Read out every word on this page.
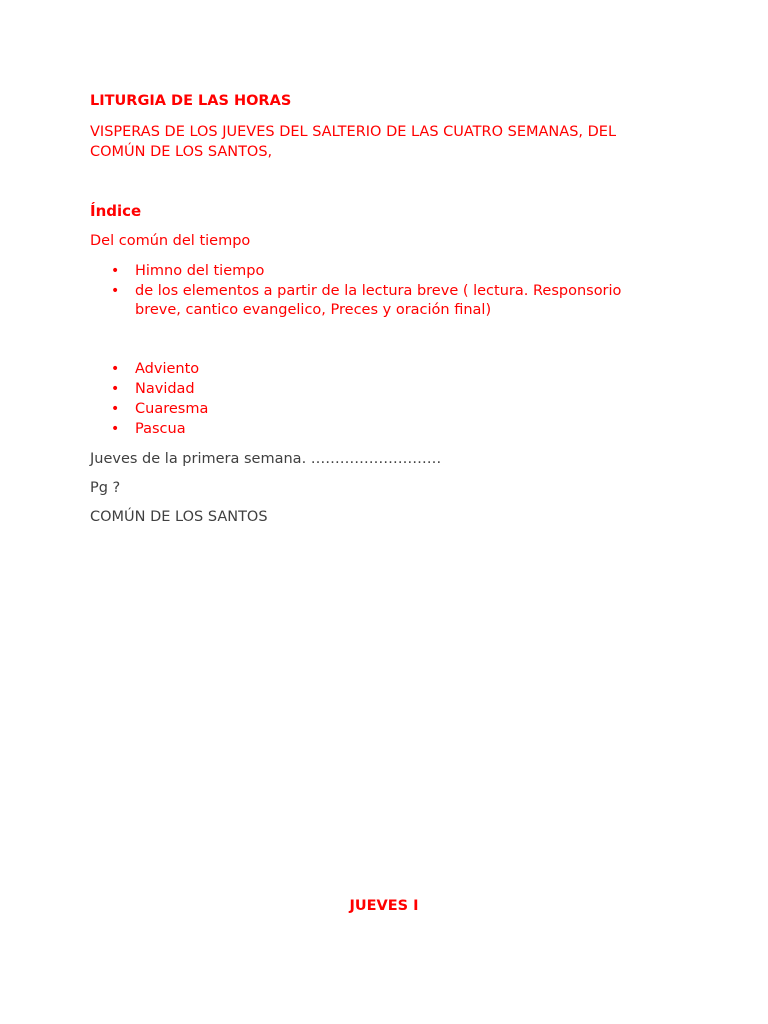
LITURGIA DE LAS HORAS

VISPERAS DE LOS JUEVES DEL SALTERIO DE LAS CUATRO SEMANAS, DEL COMÚN DE LOS SANTOS,

Índice

Del común del tiempo

• Himno del tiempo
• de los elementos a partir de la lectura breve ( lectura. Responsorio breve, cantico evangelico, Preces y oración final)
• Adviento
• Navidad
• Cuaresma
• Pascua

Jueves de la primera semana. ………………………

Pg ?

COMÚN DE LOS SANTOS

JUEVES I
